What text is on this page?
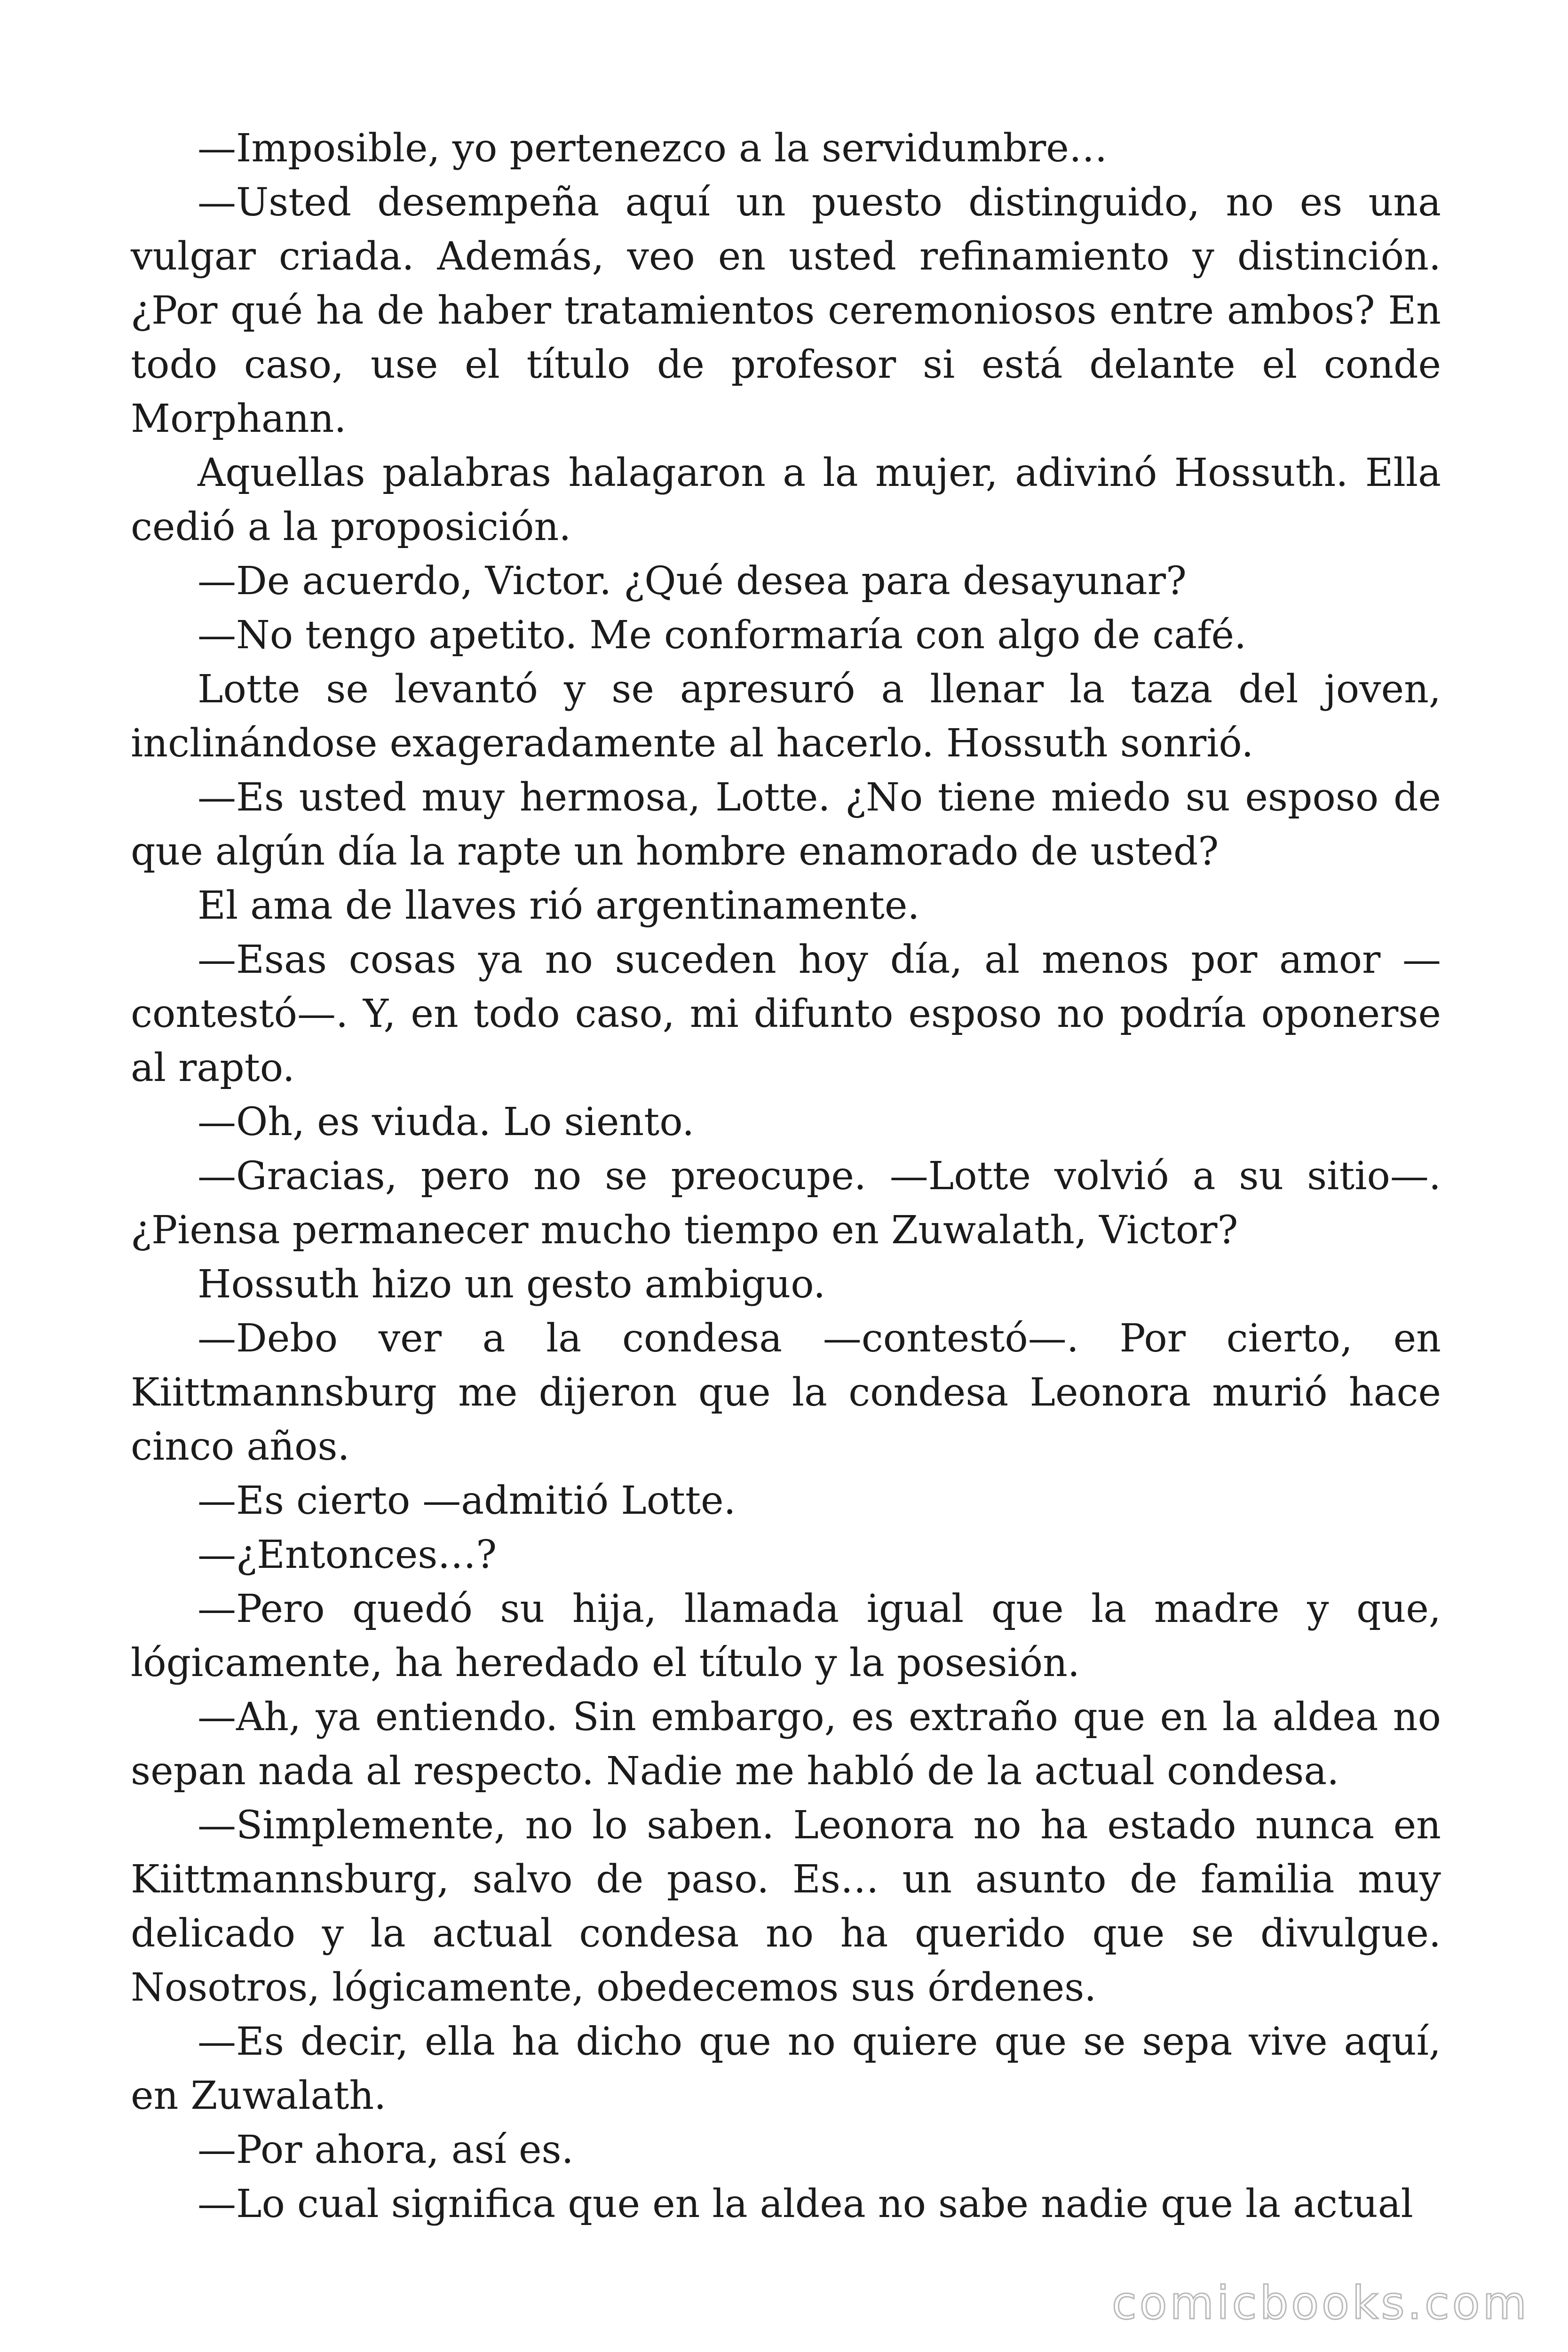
—Imposible, yo pertenezco a la servidumbre…

—Usted desempeña aquí un puesto distinguido, no es una vulgar criada. Además, veo en usted refinamiento y distinción. ¿Por qué ha de haber tratamientos ceremoniosos entre ambos? En todo caso, use el título de profesor si está delante el conde Morphann.

Aquellas palabras halagaron a la mujer, adivinó Hossuth. Ella cedió a la proposición.

—De acuerdo, Victor. ¿Qué desea para desayunar?

—No tengo apetito. Me conformaría con algo de café.

Lotte se levantó y se apresuró a llenar la taza del joven, inclinándose exageradamente al hacerlo. Hossuth sonrió.

—Es usted muy hermosa, Lotte. ¿No tiene miedo su esposo de que algún día la rapte un hombre enamorado de usted?

El ama de llaves rió argentinamente.

—Esas cosas ya no suceden hoy día, al menos por amor —contestó—. Y, en todo caso, mi difunto esposo no podría oponerse al rapto.

—Oh, es viuda. Lo siento.

—Gracias, pero no se preocupe. —Lotte volvió a su sitio—. ¿Piensa permanecer mucho tiempo en Zuwalath, Victor?

Hossuth hizo un gesto ambiguo.

—Debo ver a la condesa —contestó—. Por cierto, en Kiittmannsburg me dijeron que la condesa Leonora murió hace cinco años.

—Es cierto —admitió Lotte.

—¿Entonces…?

—Pero quedó su hija, llamada igual que la madre y que, lógicamente, ha heredado el título y la posesión.

—Ah, ya entiendo. Sin embargo, es extraño que en la aldea no sepan nada al respecto. Nadie me habló de la actual condesa.

—Simplemente, no lo saben. Leonora no ha estado nunca en Kiittmannsburg, salvo de paso. Es… un asunto de familia muy delicado y la actual condesa no ha querido que se divulgue. Nosotros, lógicamente, obedecemos sus órdenes.

—Es decir, ella ha dicho que no quiere que se sepa vive aquí, en Zuwalath.

—Por ahora, así es.

—Lo cual significa que en la aldea no sabe nadie que la actual

comicbooks.com
